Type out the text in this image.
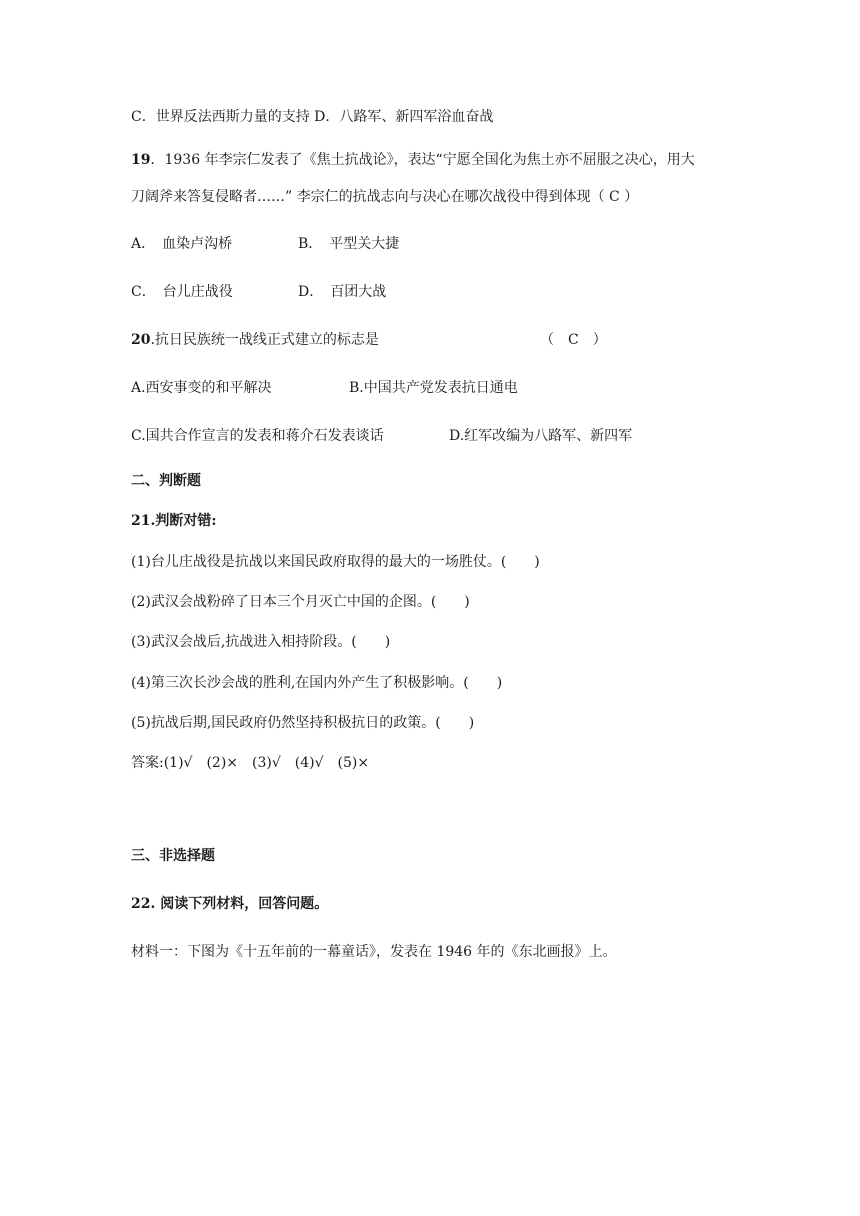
C．世界反法西斯力量的支持 D．八路军、新四军浴血奋战
19．1936 年李宗仁发表了《焦土抗战论》，表达“宁愿全国化为焦土亦不屈服之决心，用大
刀阔斧来答复侵略者……” 李宗仁的抗战志向与决心在哪次战役中得到体现（ C ）
A．　 血染卢沟桥	B．　 平型关大捷
C．　 台儿庄战役	D．　 百团大战
20.抗日民族统一战线正式建立的标志是	（　C　）
A.西安事变的和平解决	B.中国共产党发表抗日通电
C.国共合作宣言的发表和蒋介石发表谈话	D.红军改编为八路军、新四军
二、判断题
21.判断对错:
(1)台儿庄战役是抗战以来国民政府取得的最大的一场胜仗。(　　)
(2)武汉会战粉碎了日本三个月灭亡中国的企图。(　　)
(3)武汉会战后,抗战进入相持阶段。(　　)
(4)第三次长沙会战的胜利,在国内外产生了积极影响。(　　)
(5)抗战后期,国民政府仍然坚持积极抗日的政策。(　　)
答案:(1)√　(2)×　(3)√　(4)√　(5)×
三、非选择题
22. 阅读下列材料，回答问题。
材料一：下图为《十五年前的一幕童话》，发表在 1946 年的《东北画报》上。
